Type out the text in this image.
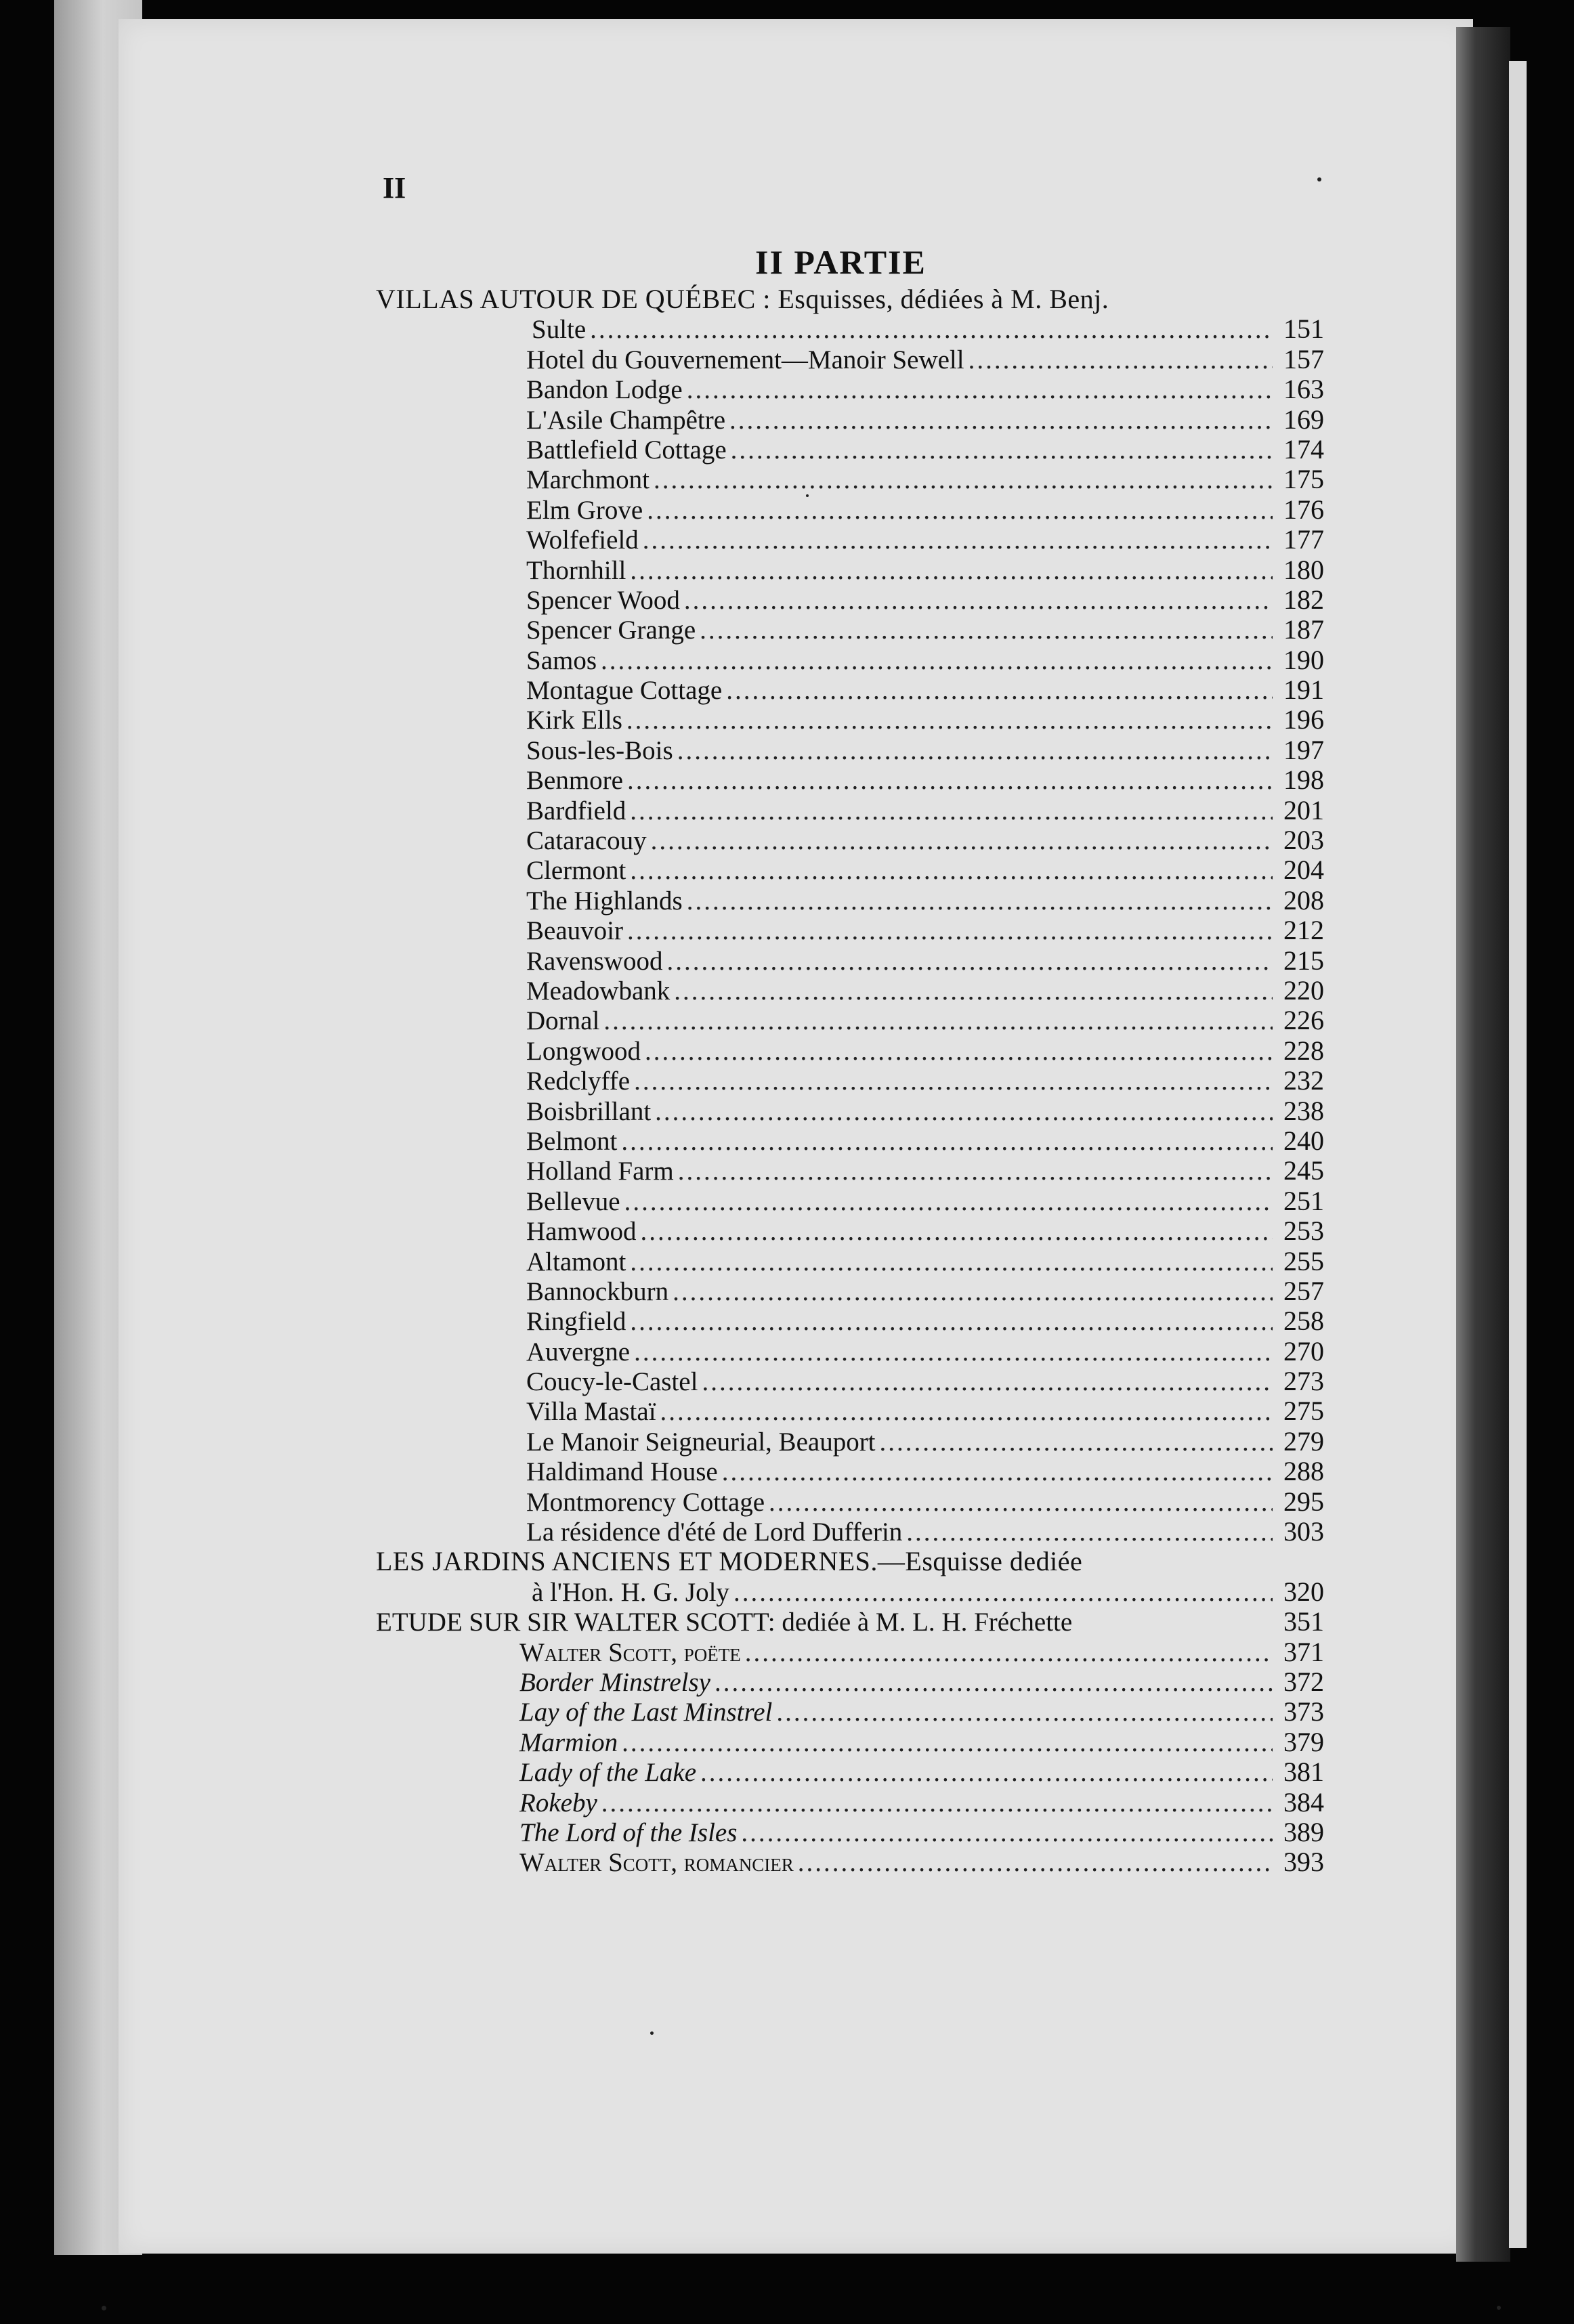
II
II PARTIE
VILLAS AUTOUR DE QUÉBEC : Esquisses, dédiées à M. Benj.
Sulte .....	151
Hotel du Gouvernement—Manoir Sewell .....	157
Bandon Lodge .....	163
L'Asile Champêtre .....	169
Battlefield Cottage .....	174
Marchmont .....	175
Elm Grove .....	176
Wolfefield .....	177
Thornhill .....	180
Spencer Wood .....	182
Spencer Grange .....	187
Samos .....	190
Montague Cottage .....	191
Kirk Ells .....	196
Sous-les-Bois .....	197
Benmore .....	198
Bardfield .....	201
Cataracouy .....	203
Clermont .....	204
The Highlands .....	208
Beauvoir .....	212
Ravenswood .....	215
Meadowbank .....	220
Dornal .....	226
Longwood .....	228
Redclyffe .....	232
Boisbrillant .....	238
Belmont .....	240
Holland Farm .....	245
Bellevue .....	251
Hamwood .....	253
Altamont .....	255
Bannockburn .....	257
Ringfield .....	258
Auvergne .....	270
Coucy-le-Castel .....	273
Villa Mastaï .....	275
Le Manoir Seigneurial, Beauport .....	279
Haldimand House .....	288
Montmorency Cottage .....	295
La résidence d'été de Lord Dufferin .....	303
LES JARDINS ANCIENS ET MODERNES.—Esquisse dediée
à l'Hon. H. G. Joly .....	320
ETUDE SUR SIR WALTER SCOTT: dediée à M. L. H. Fréchette	351
Walter Scott, poëte .....	371
Border Minstrelsy .....	372
Lay of the Last Minstrel .....	373
Marmion .....	379
Lady of the Lake .....	381
Rokeby .....	384
The Lord of the Isles .....	389
Walter Scott, romancier .....	393
